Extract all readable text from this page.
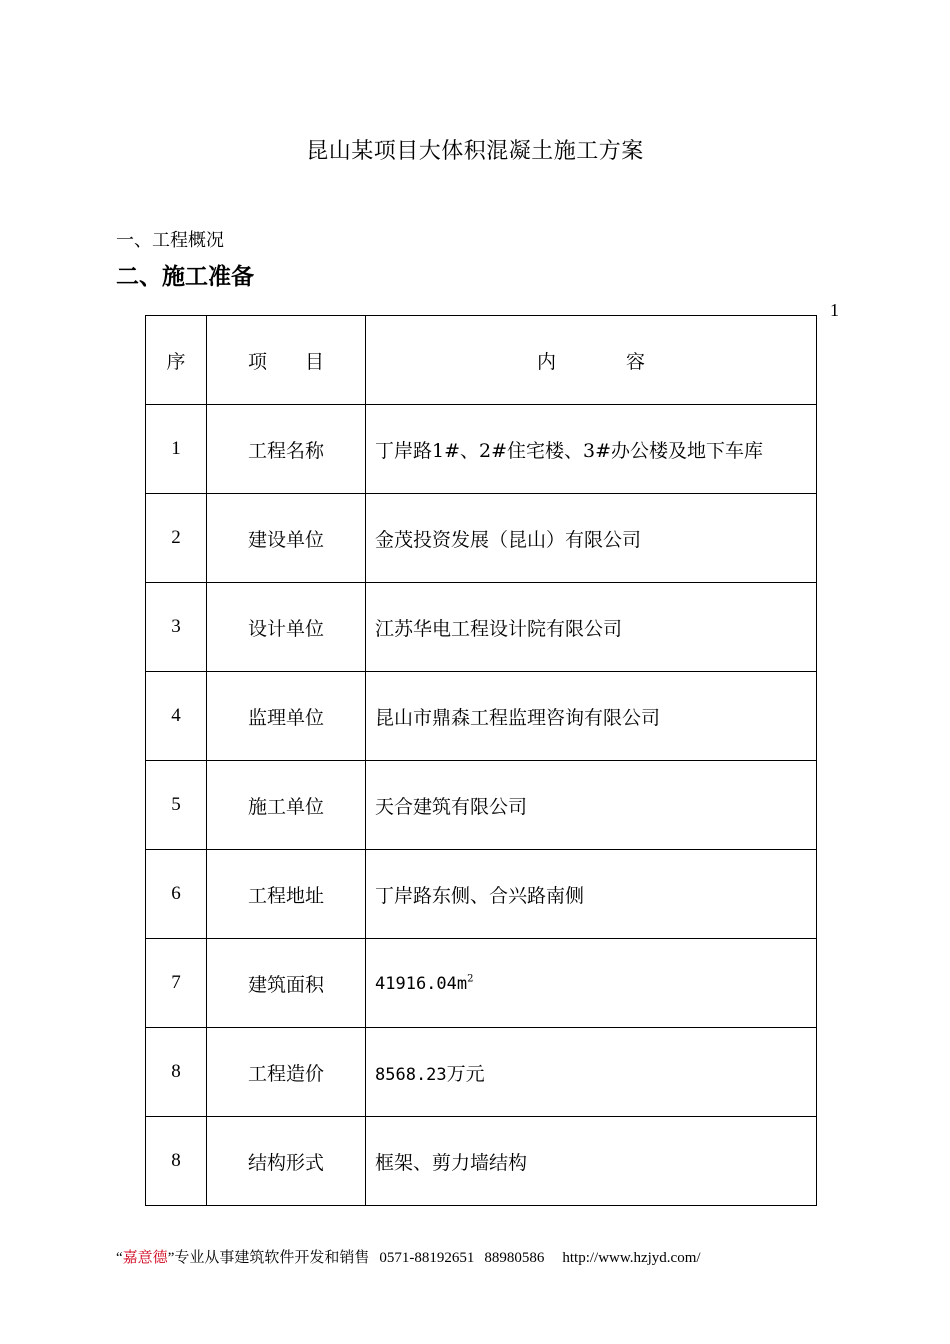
昆山某项目大体积混凝土施工方案
一、工程概况
二、施工准备
1
序	项 目	内 容
1	工程名称	丁岸路1#、2#住宅楼、3#办公楼及地下车库
2	建设单位	金茂投资发展（昆山）有限公司
3	设计单位	江苏华电工程设计院有限公司
4	监理单位	昆山市鼎森工程监理咨询有限公司
5	施工单位	天合建筑有限公司
6	工程地址	丁岸路东侧、合兴路南侧
7	建筑面积	$41916.04m^2$
8	工程造价	8568.23万元
8	结构形式	框架、剪力墙结构
“嘉意德”专业从事建筑软件开发和销售 0571-88192651 88980586 http://www.hzjyd.com/
